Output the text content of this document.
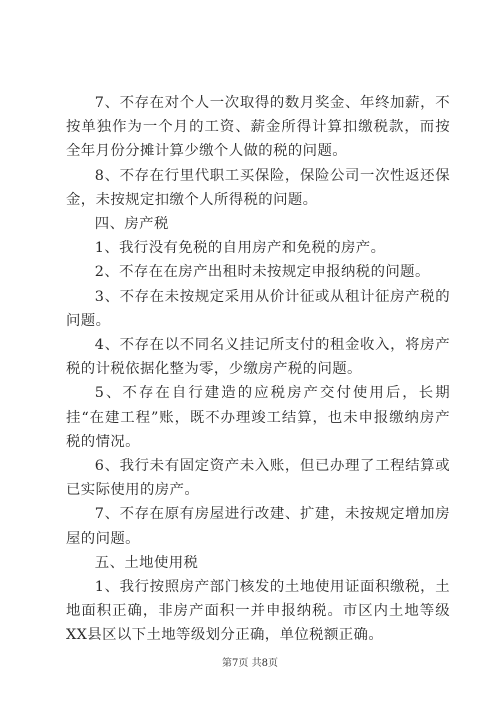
7、不存在对个人一次取得的数月奖金、年终加薪，不按单独作为一个月的工资、薪金所得计算扣缴税款，而按全年月份分摊计算少缴个人做的税的问题。

8、不存在行里代职工买保险，保险公司一次性返还保金，未按规定扣缴个人所得税的问题。

四、房产税

1、我行没有免税的自用房产和免税的房产。

2、不存在在房产出租时未按规定申报纳税的问题。

3、不存在未按规定采用从价计征或从租计征房产税的问题。

4、不存在以不同名义挂记所支付的租金收入，将房产税的计税依据化整为零，少缴房产税的问题。

5、不存在自行建造的应税房产交付使用后，长期挂“在建工程”账，既不办理竣工结算，也未申报缴纳房产税的情况。

6、我行未有固定资产未入账，但已办理了工程结算或已实际使用的房产。

7、不存在原有房屋进行改建、扩建，未按规定增加房屋的问题。

五、土地使用税

1、我行按照房产部门核发的土地使用证面积缴税，土地面积正确，非房产面积一并申报纳税。市区内土地等级XX县区以下土地等级划分正确，单位税额正确。

第7页 共8页
